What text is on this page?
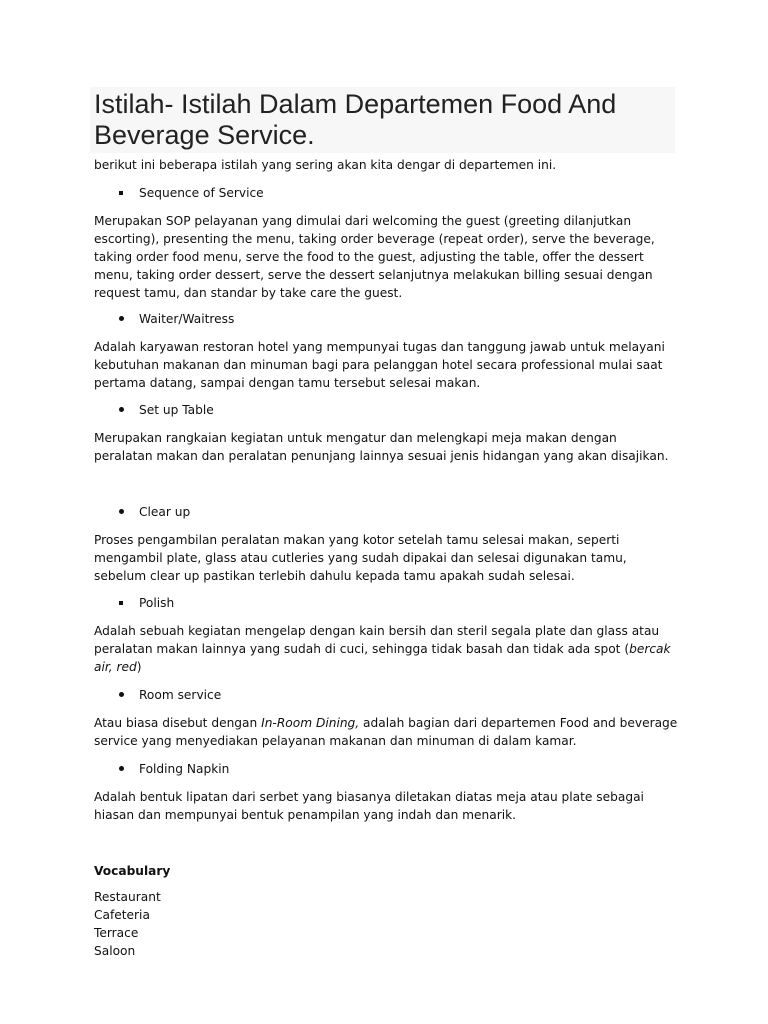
Istilah- Istilah Dalam Departemen Food And Beverage Service.

berikut ini beberapa istilah yang sering akan kita dengar di departemen ini.

Sequence of Service

Merupakan SOP pelayanan yang dimulai dari welcoming the guest (greeting dilanjutkan escorting), presenting the menu, taking order beverage (repeat order), serve the beverage, taking order food menu, serve the food to the guest, adjusting the table, offer the dessert menu, taking order dessert, serve the dessert selanjutnya melakukan billing sesuai dengan request tamu, dan standar by take care the guest.

Waiter/Waitress

Adalah karyawan restoran hotel yang mempunyai tugas dan tanggung jawab untuk melayani kebutuhan makanan dan minuman bagi para pelanggan hotel secara professional mulai saat pertama datang, sampai dengan tamu tersebut selesai makan.

Set up Table

Merupakan rangkaian kegiatan untuk mengatur dan melengkapi meja makan dengan peralatan makan dan peralatan penunjang lainnya sesuai jenis hidangan yang akan disajikan.

Clear up

Proses pengambilan peralatan makan yang kotor setelah tamu selesai makan, seperti mengambil plate, glass atau cutleries yang sudah dipakai dan selesai digunakan tamu, sebelum clear up pastikan terlebih dahulu kepada tamu apakah sudah selesai.

Polish

Adalah sebuah kegiatan mengelap dengan kain bersih dan steril segala plate dan glass atau peralatan makan lainnya yang sudah di cuci, sehingga tidak basah dan tidak ada spot (bercak air, red)

Room service

Atau biasa disebut dengan In-Room Dining, adalah bagian dari departemen Food and beverage service yang menyediakan pelayanan makanan dan minuman di dalam kamar.

Folding Napkin

Adalah bentuk lipatan dari serbet yang biasanya diletakan diatas meja atau plate sebagai hiasan dan mempunyai bentuk penampilan yang indah dan menarik.

Vocabulary

Restaurant

Cafeteria

Terrace

Saloon
